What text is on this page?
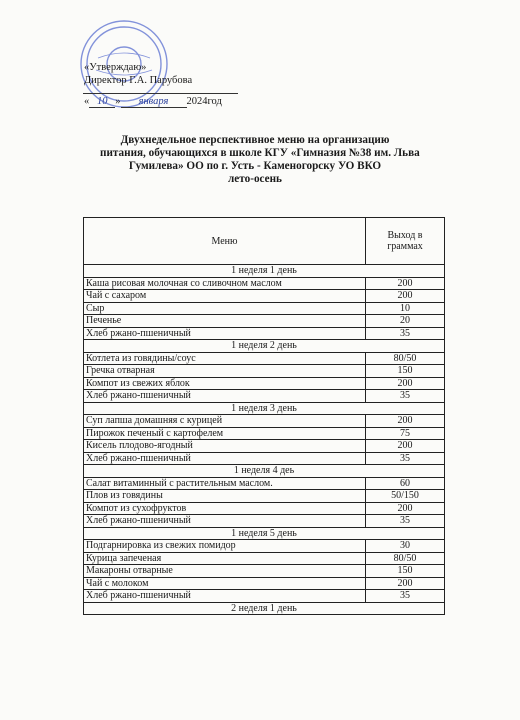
«Утверждаю»
Директор Г.А. Парубова
« 10 » января 2024год
Двухнедельное перспективное меню на организацию
питания, обучающихся в школе КГУ «Гимназия №38 им. Льва
Гумилева» ОО по г. Усть - Каменогорску УО ВКО
лето-осень
Меню	Выход в
граммах
1 неделя 1 день	
Каша рисовая молочная со сливочном маслом	200
Чай с сахаром	200
Сыр	10
Печенье	20
Хлеб ржано-пшеничный	35
1 неделя 2 день	
Котлета из говядины/соус	80/50
Гречка отварная	150
Компот из свежих яблок	200
Хлеб ржано-пшеничный	35
1 неделя 3 день	
Суп лапша домашняя с курицей	200
Пирожок печеный с картофелем	75
Кисель плодово-ягодный	200
Хлеб ржано-пшеничный	35
1 неделя 4 деь	
Салат витаминный с растительным маслом.	60
Плов из говядины	50/150
Компот из сухофруктов	200
Хлеб ржано-пшеничный	35
1 неделя 5 день	
Подгарнировка из свежих помидор	30
Курица запеченая	80/50
Макароны отварные	150
Чай с молоком	200
Хлеб ржано-пшеничный	35
2 неделя 1 день	
